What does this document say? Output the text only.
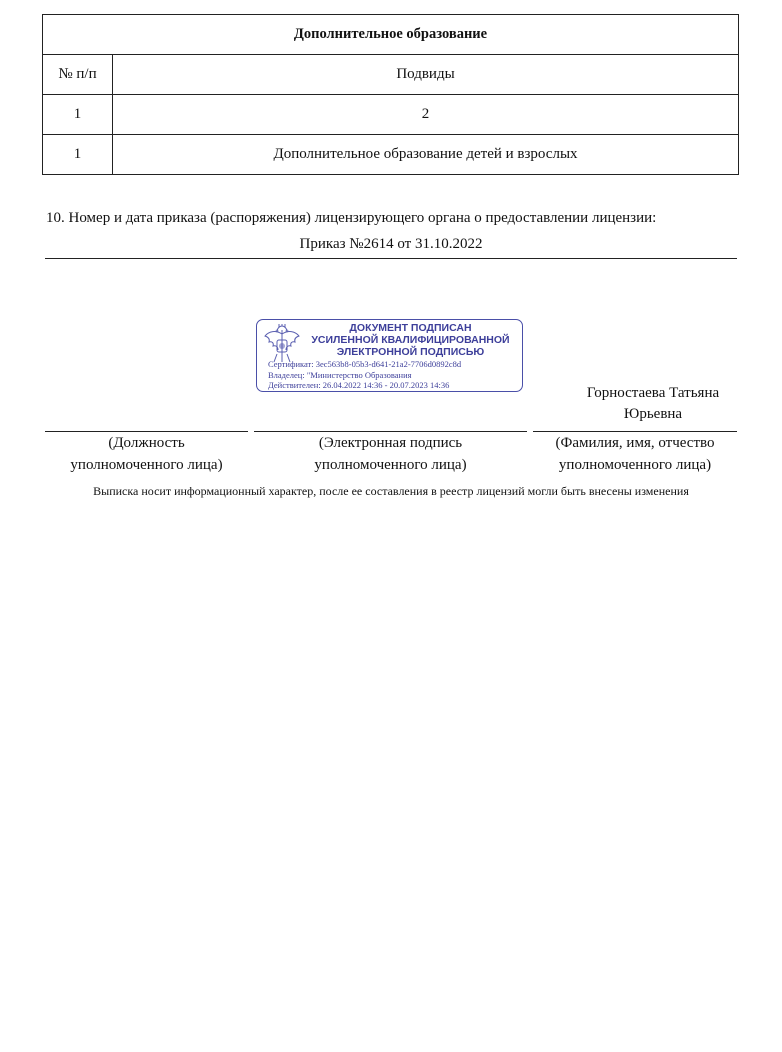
Дополнительное образование	
№ п/п	Подвиды
1	2
1	Дополнительное образование детей и взрослых
10. Номер и дата приказа (распоряжения) лицензирующего органа о предоставлении лицензии:
Приказ №2614 от 31.10.2022
ДОКУМЕНТ ПОДПИСАН
УСИЛЕННОЙ КВАЛИФИЦИРОВАННОЙ
ЭЛЕКТРОННОЙ ПОДПИСЬЮ
Сертификат: 3ec563b8-05b3-d641-21a2-7706d0892c8d
Владелец: "Министерство Образования
Действителен: 26.04.2022 14:36 - 20.07.2023 14:36	Горностаева Татьяна
Юрьевна
(Должность
уполномоченного лица)
(Электронная подпись
уполномоченного лица)
(Фамилия, имя, отчество
уполномоченного лица)
Выписка носит информационный характер, после ее составления в реестр лицензий могли быть внесены изменения
